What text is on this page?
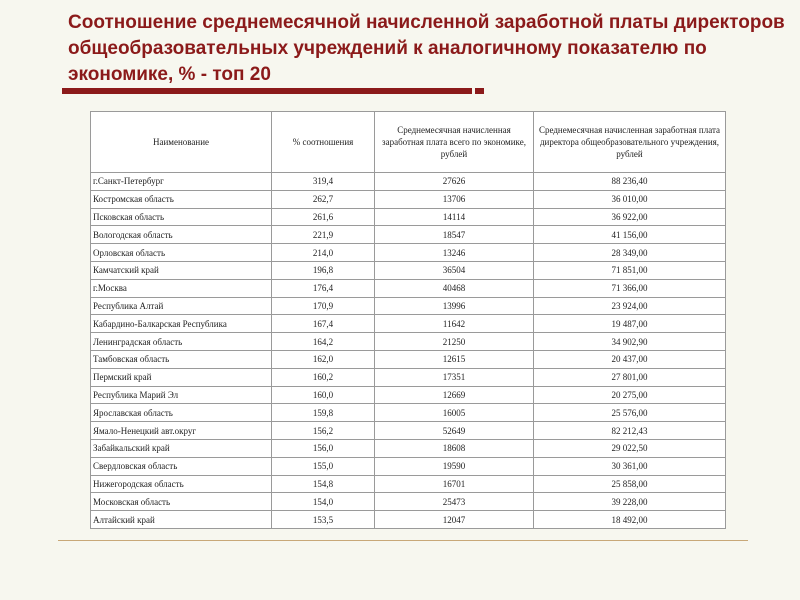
Соотношение среднемесячной начисленной заработной платы директоров общеобразовательных учреждений к аналогичному показателю по экономике, % - топ 20
Наименование	% соотношения	Среднемесячная начисленная заработная плата всего по экономике, рублей	Среднемесячная начисленная заработная плата директора общеобразовательного учреждения, рублей
г.Санкт-Петербург	319,4	27626	88 236,40
Костромская область	262,7	13706	36 010,00
Псковская область	261,6	14114	36 922,00
Вологодская область	221,9	18547	41 156,00
Орловская область	214,0	13246	28 349,00
Камчатский край	196,8	36504	71 851,00
г.Москва	176,4	40468	71 366,00
Республика Алтай	170,9	13996	23 924,00
Кабардино-Балкарская Республика	167,4	11642	19 487,00
Ленинградская область	164,2	21250	34 902,90
Тамбовская область	162,0	12615	20 437,00
Пермский край	160,2	17351	27 801,00
Республика Марий Эл	160,0	12669	20 275,00
Ярославская область	159,8	16005	25 576,00
Ямало-Ненецкий авт.округ	156,2	52649	82 212,43
Забайкальский край	156,0	18608	29 022,50
Свердловская область	155,0	19590	30 361,00
Нижегородская область	154,8	16701	25 858,00
Московская область	154,0	25473	39 228,00
Алтайский край	153,5	12047	18 492,00
